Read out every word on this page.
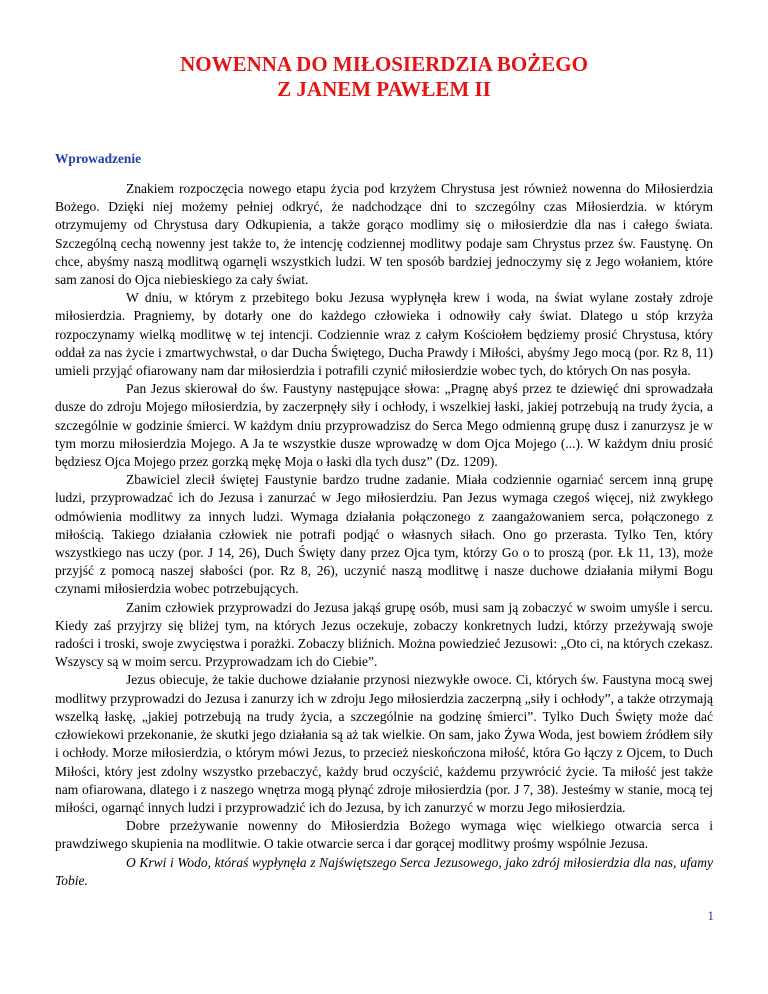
NOWENNA DO MIŁOSIERDZIA BOŻEGO
Z JANEM PAWŁEM II
Wprowadzenie

Znakiem rozpoczęcia nowego etapu życia pod krzyżem Chrystusa jest również nowenna do Miłosierdzia Bożego. Dzięki niej możemy pełniej odkryć, że nadchodzące dni to szczególny czas Miłosierdzia. w którym otrzymujemy od Chrystusa dary Odkupienia, a także gorąco modlimy się o miłosierdzie dla nas i całego świata. Szczególną cechą nowenny jest także to, że intencję codziennej modlitwy podaje sam Chrystus przez św. Faustynę. On chce, abyśmy naszą modlitwą ogarnęli wszystkich ludzi. W ten sposób bardziej jednoczymy się z Jego wołaniem, które sam zanosi do Ojca niebieskiego za cały świat.

W dniu, w którym z przebitego boku Jezusa wypłynęła krew i woda, na świat wylane zostały zdroje miłosierdzia. Pragniemy, by dotarły one do każdego człowieka i odnowiły cały świat. Dlatego u stóp krzyża rozpoczynamy wielką modlitwę w tej intencji. Codziennie wraz z całym Kościołem będziemy prosić Chrystusa, który oddał za nas życie i zmartwychwstał, o dar Ducha Świętego, Ducha Prawdy i Miłości, abyśmy Jego mocą (por. Rz 8, 11) umieli przyjąć ofiarowany nam dar miłosierdzia i potrafili czynić miłosierdzie wobec tych, do których On nas posyła.

Pan Jezus skierował do św. Faustyny następujące słowa: „Pragnę abyś przez te dziewięć dni sprowadzała dusze do zdroju Mojego miłosierdzia, by zaczerpnęły siły i ochłody, i wszelkiej łaski, jakiej potrzebują na trudy życia, a szczególnie w godzinie śmierci. W każdym dniu przyprowadzisz do Serca Mego odmienną grupę dusz i zanurzysz je w tym morzu miłosierdzia Mojego. A Ja te wszystkie dusze wprowadzę w dom Ojca Mojego (...). W każdym dniu prosić będziesz Ojca Mojego przez gorzką mękę Moja o łaski dla tych dusz” (Dz. 1209).

Zbawiciel zlecił świętej Faustynie bardzo trudne zadanie. Miała codziennie ogarniać sercem inną grupę ludzi, przyprowadzać ich do Jezusa i zanurzać w Jego miłosierdziu. Pan Jezus wymaga czegoś więcej, niż zwykłego odmówienia modlitwy za innych ludzi. Wymaga działania połączonego z zaangażowaniem serca, połączonego z miłością. Takiego działania człowiek nie potrafi podjąć o własnych siłach. Ono go przerasta. Tylko Ten, który wszystkiego nas uczy (por. J 14, 26), Duch Święty dany przez Ojca tym, którzy Go o to proszą (por. Łk 11, 13), może przyjść z pomocą naszej słabości (por. Rz 8, 26), uczynić naszą modlitwę i nasze duchowe działania miłymi Bogu czynami miłosierdzia wobec potrzebujących.

Zanim człowiek przyprowadzi do Jezusa jakąś grupę osób, musi sam ją zobaczyć w swoim umyśle i sercu. Kiedy zaś przyjrzy się bliżej tym, na których Jezus oczekuje, zobaczy konkretnych ludzi, którzy przeżywają swoje radości i troski, swoje zwycięstwa i porażki. Zobaczy bliźnich. Można powiedzieć Jezusowi: „Oto ci, na których czekasz. Wszyscy są w moim sercu. Przyprowadzam ich do Ciebie”.

Jezus obiecuje, że takie duchowe działanie przynosi niezwykłe owoce. Ci, których św. Faustyna mocą swej modlitwy przyprowadzi do Jezusa i zanurzy ich w zdroju Jego miłosierdzia zaczerpną „siły i ochłody”, a także otrzymają wszelką łaskę, „jakiej potrzebują na trudy życia, a szczególnie na godzinę śmierci”. Tylko Duch Święty może dać człowiekowi przekonanie, że skutki jego działania są aż tak wielkie. On sam, jako Żywa Woda, jest bowiem źródłem siły i ochłody. Morze miłosierdzia, o którym mówi Jezus, to przecież nieskończona miłość, która Go łączy z Ojcem, to Duch Miłości, który jest zdolny wszystko przebaczyć, każdy brud oczyścić, każdemu przywrócić życie. Ta miłość jest także nam ofiarowana, dlatego i z naszego wnętrza mogą płynąć zdroje miłosierdzia (por. J 7, 38). Jesteśmy w stanie, mocą tej miłości, ogarnąć innych ludzi i przyprowadzić ich do Jezusa, by ich zanurzyć w morzu Jego miłosierdzia.

Dobre przeżywanie nowenny do Miłosierdzia Bożego wymaga więc wielkiego otwarcia serca i prawdziwego skupienia na modlitwie. O takie otwarcie serca i dar gorącej modlitwy prośmy wspólnie Jezusa.

O Krwi i Wodo, któraś wypłynęła z Najświętszego Serca Jezusowego, jako zdrój miłosierdzia dla nas, ufamy Tobie.

1
